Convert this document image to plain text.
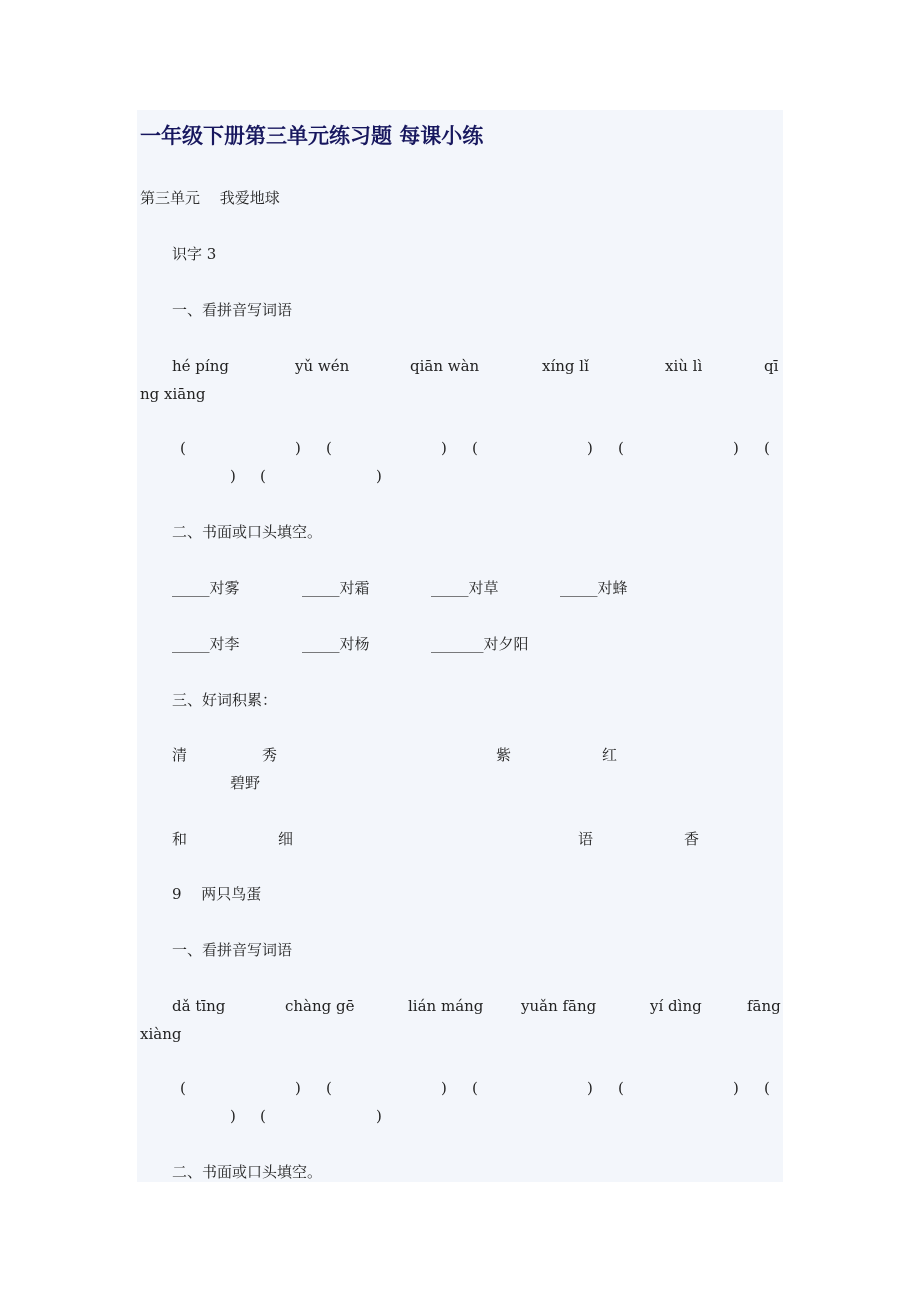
一年级下册第三单元练习题 每课小练
第三单元　 我爱地球
识字 3
一、看拼音写词语
hé píng	yǔ wén	qiān wàn	xíng lǐ	xiù lì	qī
ng xiāng
(	) (	) (	) (	) (
) (	)
二、书面或口头填空。
_____对雾	_____对霜	_____对草	_____对蜂
_____对李	_____对杨	_______对夕阳
三、好词积累：
清	秀	紫	红
碧野
和	细	语	香
9　 两只鸟蛋
一、看拼音写词语
dǎ tīng	chàng gē	lián máng	yuǎn fāng	yí dìng	fāng
xiàng
(	) (	) (	) (	) (
) (	)
二、书面或口头填空。
